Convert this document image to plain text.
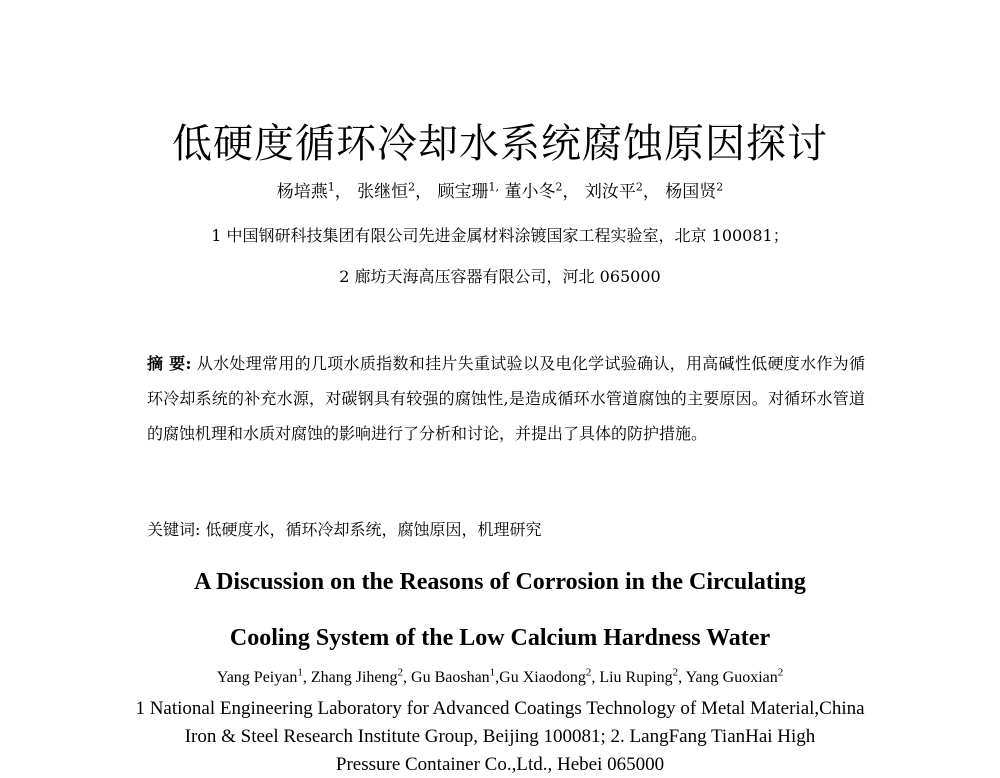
低硬度循环冷却水系统腐蚀原因探讨
杨培燕$^1$， 张继恒$^2$， 顾宝珊$^{1,}$ 董小冬$^2$， 刘汝平$^2$， 杨国贤$^2$
1 中国钢研科技集团有限公司先进金属材料涂镀国家工程实验室，北京 100081；
2 廊坊天海高压容器有限公司，河北 065000
摘 要: 从水处理常用的几项水质指数和挂片失重试验以及电化学试验确认，用高碱性低硬度水作为循环冷却系统的补充水源，对碳钢具有较强的腐蚀性,是造成循环水管道腐蚀的主要原因。对循环水管道的腐蚀机理和水质对腐蚀的影响进行了分析和讨论，并提出了具体的防护措施。
关键词: 低硬度水，循环冷却系统，腐蚀原因，机理研究
A Discussion on the Reasons of Corrosion in the Circulating
Cooling System of the Low Calcium Hardness Water
Yang Peiyan$^1$, Zhang Jiheng$^2$, Gu Baoshan$^1$,Gu Xiaodong$^2$, Liu Ruping$^2$, Yang Guoxian$^2$
1 National Engineering Laboratory for Advanced Coatings Technology of Metal Material,China
Iron & Steel Research Institute Group, Beijing 100081; 2. LangFang TianHai High
Pressure Container Co.,Ltd., Hebei 065000
